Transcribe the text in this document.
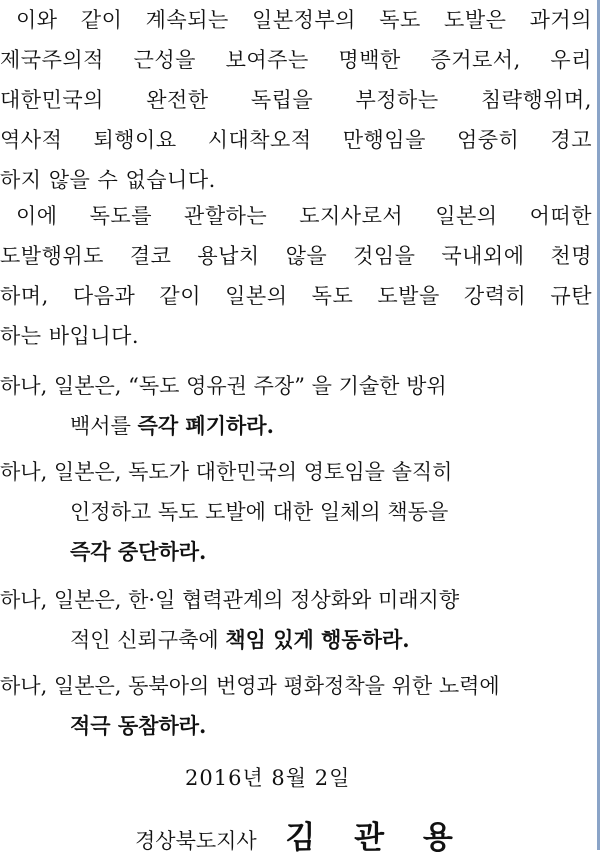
이와 같이 계속되는 일본정부의 독도 도발은 과거의
제국주의적 근성을 보여주는 명백한 증거로서, 우리
대한민국의 완전한 독립을 부정하는 침략행위며,
역사적 퇴행이요 시대착오적 만행임을 엄중히 경고
하지 않을 수 없습니다.
이에 독도를 관할하는 도지사로서 일본의 어떠한
도발행위도 결코 용납치 않을 것임을 국내외에 천명
하며, 다음과 같이 일본의 독도 도발을 강력히 규탄
하는 바입니다.
하나, 일본은, “독도 영유권 주장” 을 기술한 방위
백서를 즉각 폐기하라.
하나, 일본은, 독도가 대한민국의 영토임을 솔직히
인정하고 독도 도발에 대한 일체의 책동을
즉각 중단하라.
하나, 일본은, 한·일 협력관계의 정상화와 미래지향
적인 신뢰구축에 책임 있게 행동하라.
하나, 일본은, 동북아의 번영과 평화정착을 위한 노력에
적극 동참하라.
2016년 8월 2일
경상북도지사 김 관 용
